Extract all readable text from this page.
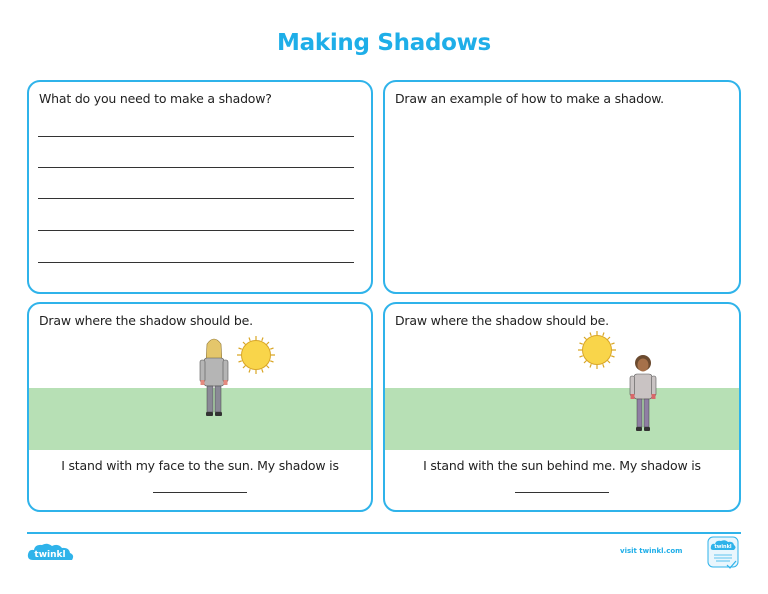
Making Shadows
What do you need to make a shadow?	Draw an example of how to make a shadow.
Draw where the shadow should be.
I stand with my face to the sun. My shadow is
Draw where the shadow should be.
I stand with the sun behind me. My shadow is
twinkl	visit twinkl.com	twinkl
